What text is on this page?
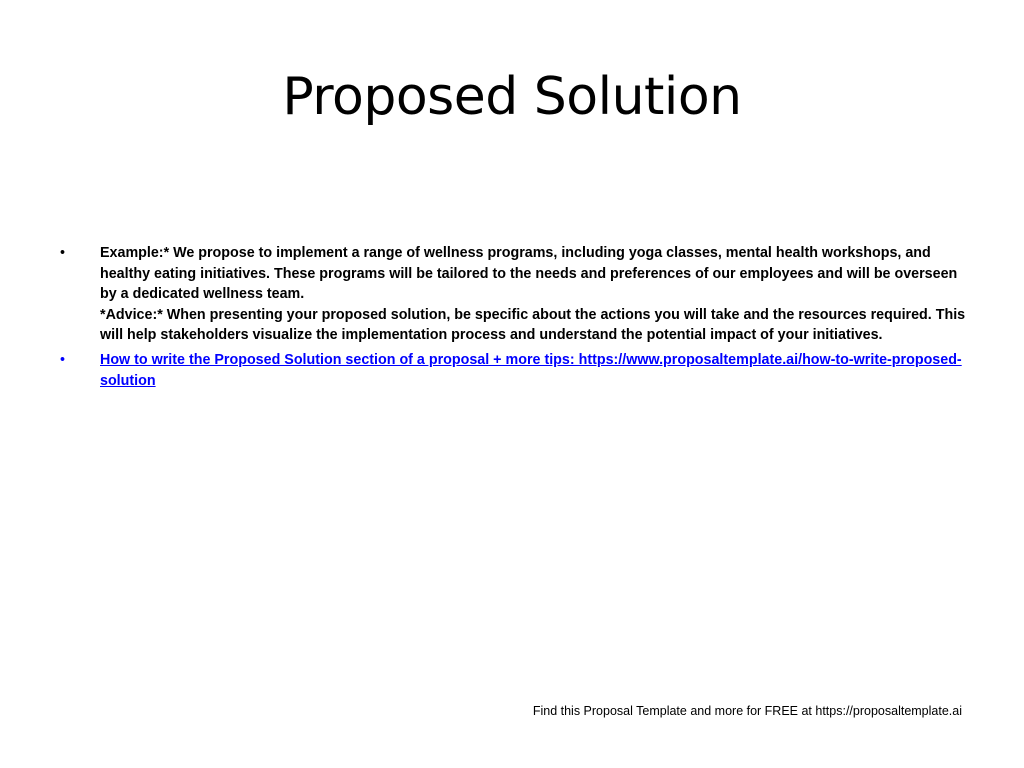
Proposed Solution
• Example:* We propose to implement a range of wellness programs, including yoga classes, mental health workshops, and healthy eating initiatives. These programs will be tailored to the needs and preferences of our employees and will be overseen by a dedicated wellness team.
*Advice:* When presenting your proposed solution, be specific about the actions you will take and the resources required. This will help stakeholders visualize the implementation process and understand the potential impact of your initiatives.
• How to write the Proposed Solution section of a proposal + more tips: https://www.proposaltemplate.ai/how-to-write-proposed-solution
Find this Proposal Template and more for FREE at https://proposaltemplate.ai
